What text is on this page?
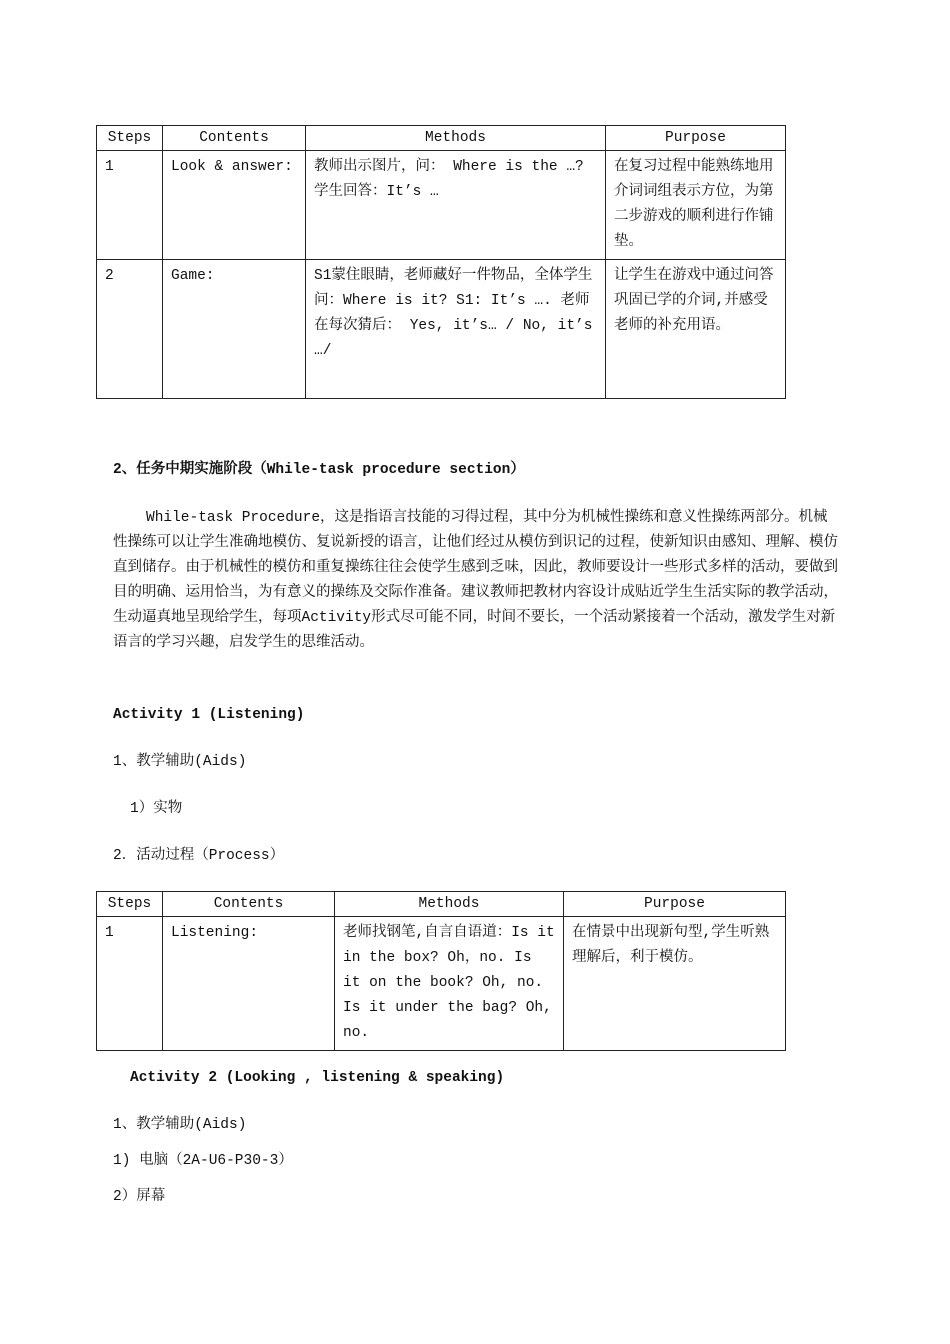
Steps	Contents	Methods	Purpose
1	Look & answer:	教师出示图片，问： Where is the …? 学生回答：It’s …	在复习过程中能熟练地用介词词组表示方位，为第二步游戏的顺利进行作铺垫。
2	Game:	S1蒙住眼睛，老师藏好一件物品，全体学生问：Where is it? S1: It’s …. 老师在每次猜后： Yes, it’s… / No, it’s …/	让学生在游戏中通过问答巩固已学的介词,并感受老师的补充用语。
2、任务中期实施阶段（While-task procedure section）
While-task Procedure，这是指语言技能的习得过程，其中分为机械性操练和意义性操练两部分。机械性操练可以让学生准确地模仿、复说新授的语言，让他们经过从模仿到识记的过程，使新知识由感知、理解、模仿直到储存。由于机械性的模仿和重复操练往往会使学生感到乏味，因此，教师要设计一些形式多样的活动，要做到目的明确、运用恰当，为有意义的操练及交际作准备。建议教师把教材内容设计成贴近学生生活实际的教学活动，生动逼真地呈现给学生，每项Activity形式尽可能不同，时间不要长，一个活动紧接着一个活动，激发学生对新语言的学习兴趣，启发学生的思维活动。
Activity 1 (Listening)
1、教学辅助(Aids)
1）实物
2．活动过程（Process）
Steps	Contents	Methods	Purpose
1	Listening:	老师找钢笔,自言自语道：Is it in the box? Oh，no. Is it on the book? Oh, no. Is it under the bag? Oh, no.	在情景中出现新句型,学生听熟理解后，利于模仿。
Activity 2 (Looking , listening & speaking)
1、教学辅助(Aids)
1) 电脑（2A-U6-P30-3）
2）屏幕
